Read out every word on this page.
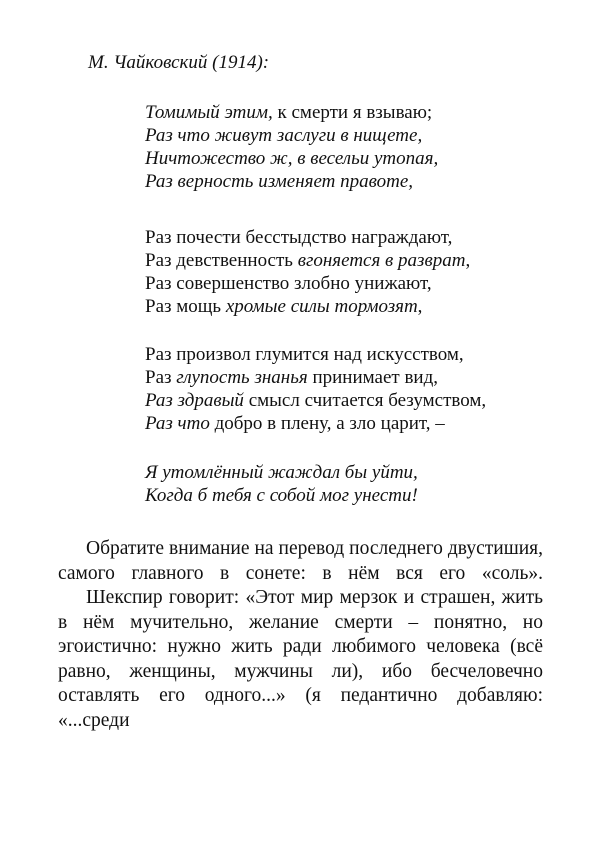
М. Чайковский (1914):
Томимый этим, к смерти я взываю;
Раз что живут заслуги в нищете,
Ничтожество ж, в весельи утопая,
Раз верность изменяет правоте,
Раз почести бесстыдство награждают,
Раз девственность вгоняется в разврат,
Раз совершенство злобно унижают,
Раз мощь хромые силы тормозят,
Раз произвол глумится над искусством,
Раз глупость знанья принимает вид,
Раз здравый смысл считается безумством,
Раз что добро в плену, а зло царит, –
Я утомлённый жаждал бы уйти,
Когда б тебя с собой мог унести!

Обратите внимание на перевод последнего двустишия, самого главного в сонете: в нём вся его «соль».

Шекспир говорит: «Этот мир мерзок и страшен, жить в нём мучительно, желание смерти – понятно, но эгоистично: нужно жить ради любимого человека (всё равно, женщины, мужчины ли), ибо бесчеловечно оставлять его одного...» (я педантично добавляю: «...среди
